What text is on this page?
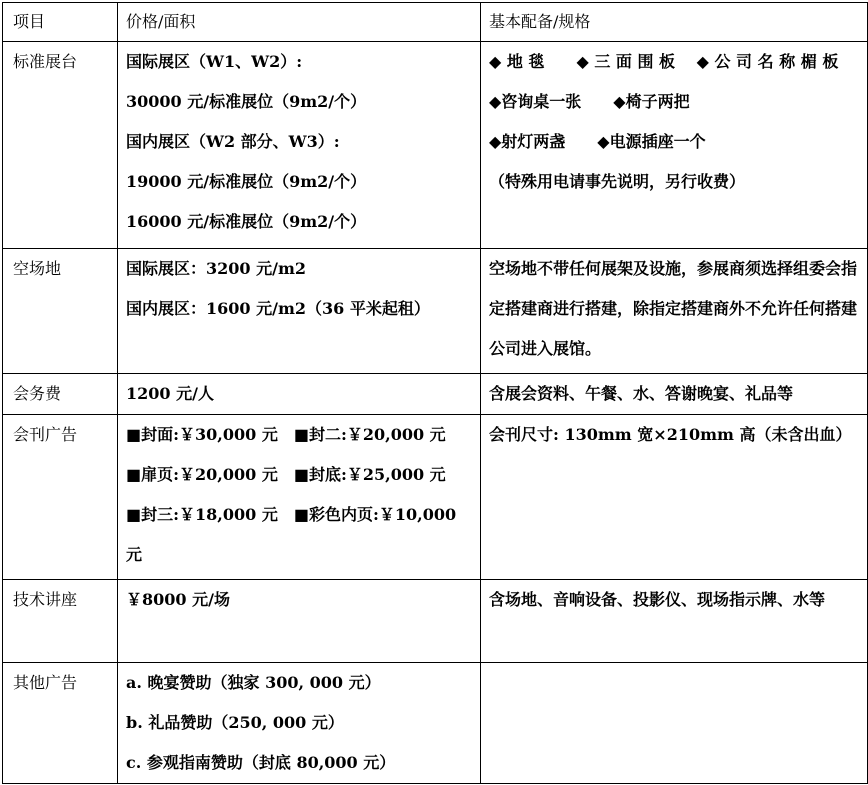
项目	价格/面积	基本配备/规格
标准展台	国际展区（W1、W2）:
30000 元/标准展位（9m2/个）
国内展区（W2 部分、W3）:
19000 元/标准展位（9m2/个）
16000 元/标准展位（9m2/个）	◆ 地 毯　　◆ 三 面 围 板　 ◆ 公 司 名 称 楣 板
◆咨询桌一张　　◆椅子两把
◆射灯两盏　　◆电源插座一个
（特殊用电请事先说明，另行收费）

空场地	国际展区：3200 元/m2
国内展区：1600 元/m2（36 平米起租）	空场地不带任何展架及设施，参展商须选择组委会指定搭建商进行搭建，除指定搭建商外不允许任何搭建公司进入展馆。
会务费	1200 元/人	含展会资料、午餐、水、答谢晚宴、礼品等
会刊广告	■封面:￥30,000 元　■封二:￥20,000 元
■扉页:￥20,000 元　■封底:￥25,000 元
■封三:￥18,000 元　■彩色内页:￥10,000
元	会刊尺寸: 130mm 宽×210mm 高（未含出血）
技术讲座	￥8000 元/场	含场地、音响设备、投影仪、现场指示牌、水等
其他广告	a. 晚宴赞助（独家 300, 000 元）
b. 礼品赞助（250, 000 元）
c. 参观指南赞助（封底 80,000 元）	
